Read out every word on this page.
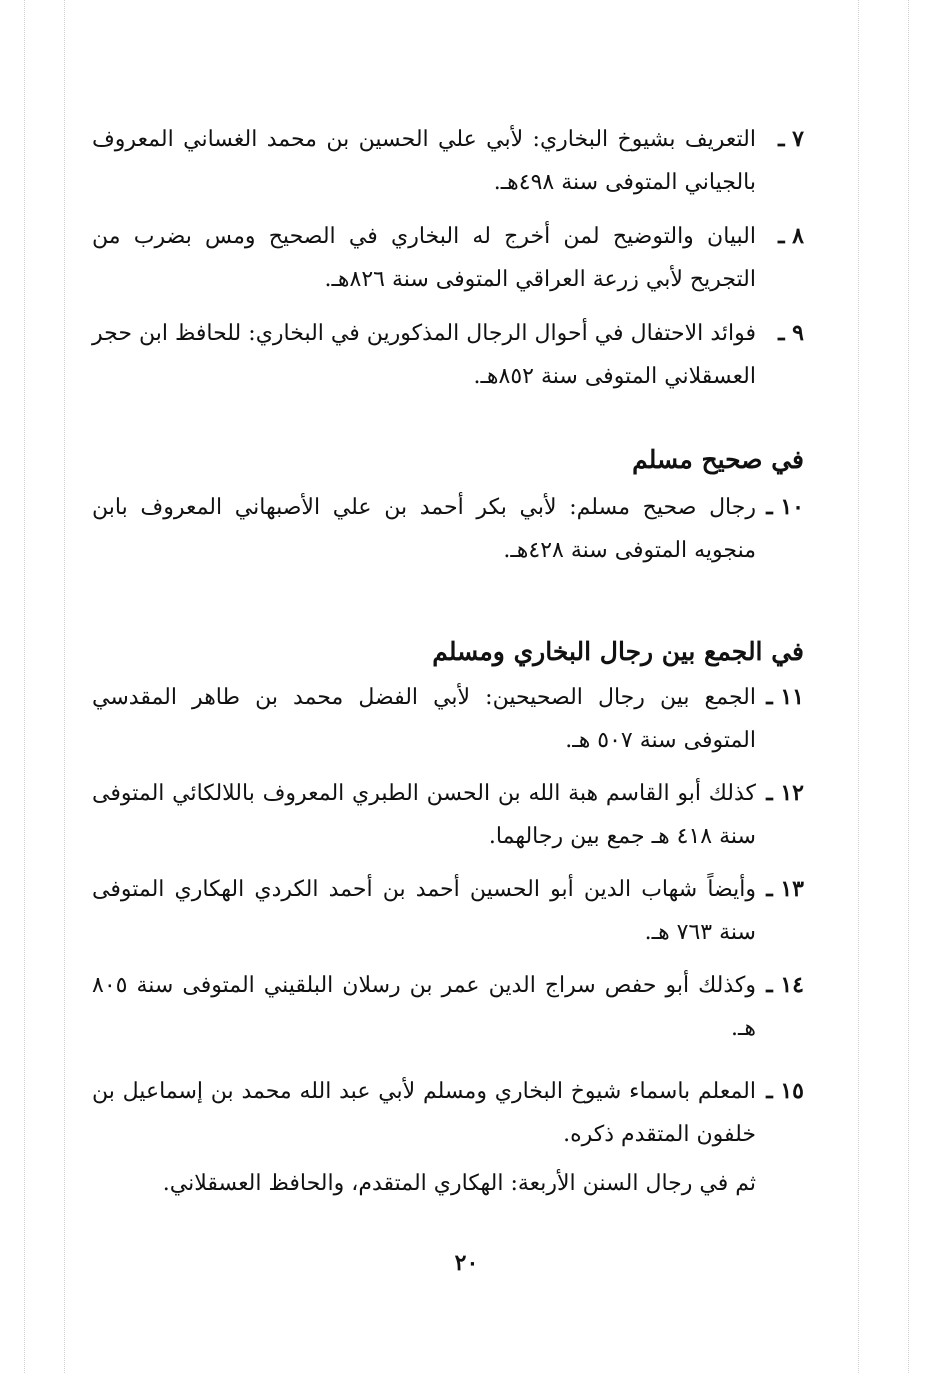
٧ ـ
التعريف بشيوخ البخاري: لأبي علي الحسين بن محمد الغساني المعروف بالجياني المتوفى سنة ٤٩٨هـ.

٨ ـ
البيان والتوضيح لمن أخرج له البخاري في الصحيح ومس بضرب من التجريح لأبي زرعة العراقي المتوفى سنة ٨٢٦هـ.

٩ ـ
فوائد الاحتفال في أحوال الرجال المذكورين في البخاري: للحافظ ابن حجر العسقلاني المتوفى سنة ٨٥٢هـ.

في صحيح مسلم

١٠ ـ
رجال صحيح مسلم: لأبي بكر أحمد بن علي الأصبهاني المعروف بابن منجويه المتوفى سنة ٤٢٨هـ.

في الجمع بين رجال البخاري ومسلم

١١ ـ
الجمع بين رجال الصحيحين: لأبي الفضل محمد بن طاهر المقدسي المتوفى سنة ٥٠٧ هـ.

١٢ ـ
كذلك أبو القاسم هبة الله بن الحسن الطبري المعروف باللالكائي المتوفى سنة ٤١٨ هـ جمع بين رجالهما.

١٣ ـ
وأيضاً شهاب الدين أبو الحسين أحمد بن أحمد الكردي الهكاري المتوفى سنة ٧٦٣ هـ.

١٤ ـ
وكذلك أبو حفص سراج الدين عمر بن رسلان البلقيني المتوفى سنة ٨٠٥ هـ.

١٥ ـ
المعلم باسماء شيوخ البخاري ومسلم لأبي عبد الله محمد بن إسماعيل بن خلفون المتقدم ذكره.

ثم في رجال السنن الأربعة: الهكاري المتقدم، والحافظ العسقلاني.

٢٠
